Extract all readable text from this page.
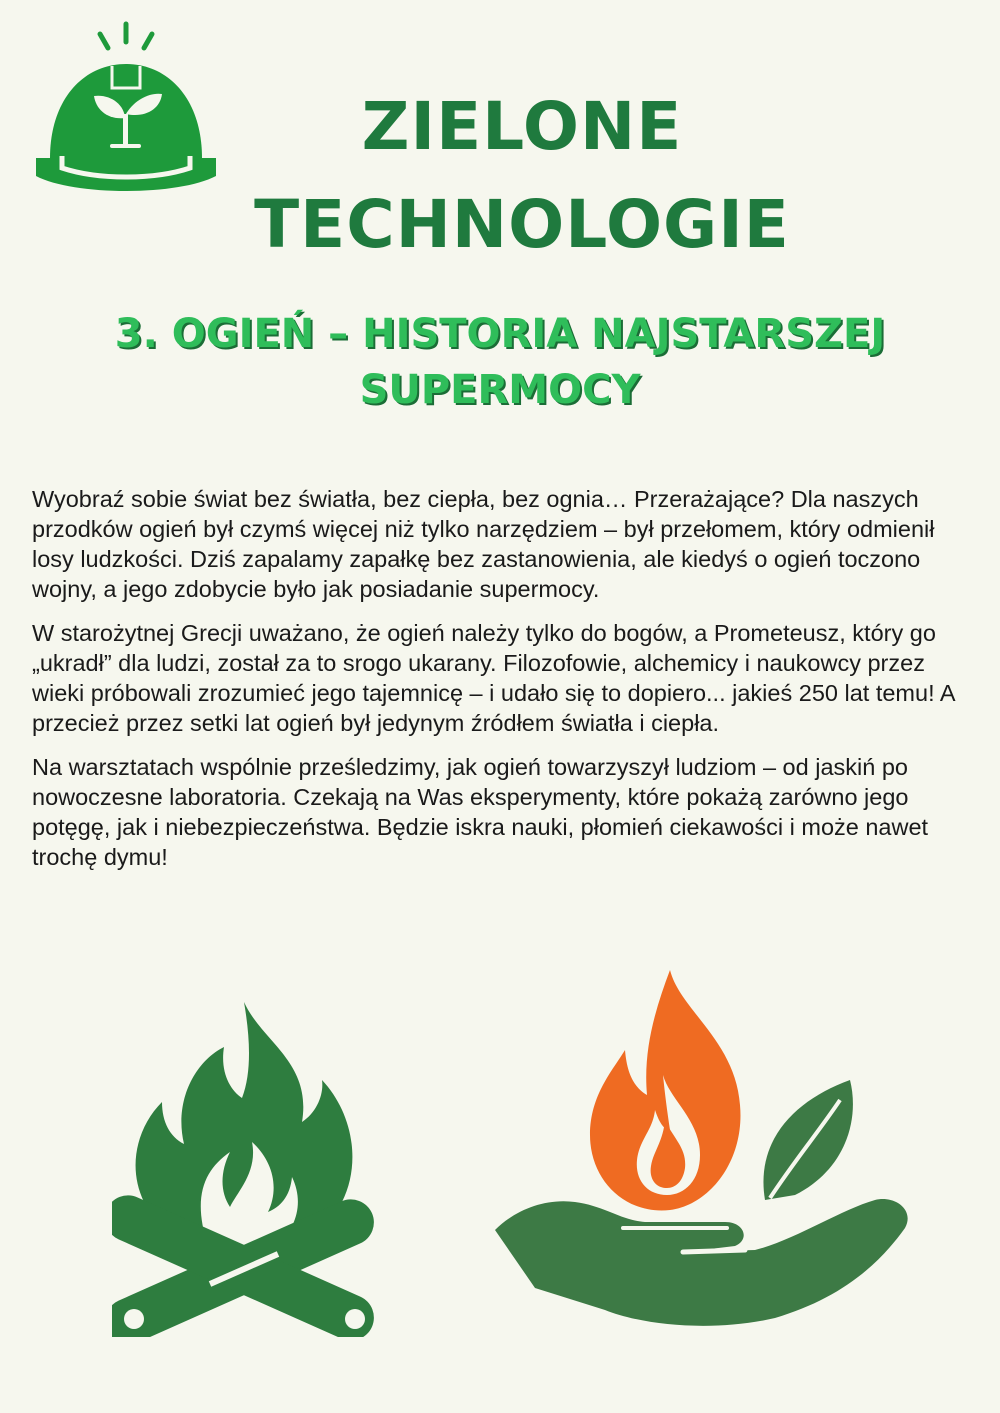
ZIELONE
TECHNOLOGIE
3. OGIEŃ – HISTORIA NAJSTARSZEJ
SUPERMOCY

Wyobraź sobie świat bez światła, bez ciepła, bez ognia… Przerażające? Dla naszych przodków ogień był czymś więcej niż tylko narzędziem – był przełomem, który odmienił losy ludzkości. Dziś zapalamy zapałkę bez zastanowienia, ale kiedyś o ogień toczono wojny, a jego zdobycie było jak posiadanie supermocy.

W starożytnej Grecji uważano, że ogień należy tylko do bogów, a Prometeusz, który go „ukradł” dla ludzi, został za to srogo ukarany. Filozofowie, alchemicy i naukowcy przez wieki próbowali zrozumieć jego tajemnicę – i udało się to dopiero... jakieś 250 lat temu! A przecież przez setki lat ogień był jedynym źródłem światła i ciepła.

Na warsztatach wspólnie prześledzimy, jak ogień towarzyszył ludziom – od jaskiń po nowoczesne laboratoria. Czekają na Was eksperymenty, które pokażą zarówno jego potęgę, jak i niebezpieczeństwa. Będzie iskra nauki, płomień ciekawości i może nawet trochę dymu!
